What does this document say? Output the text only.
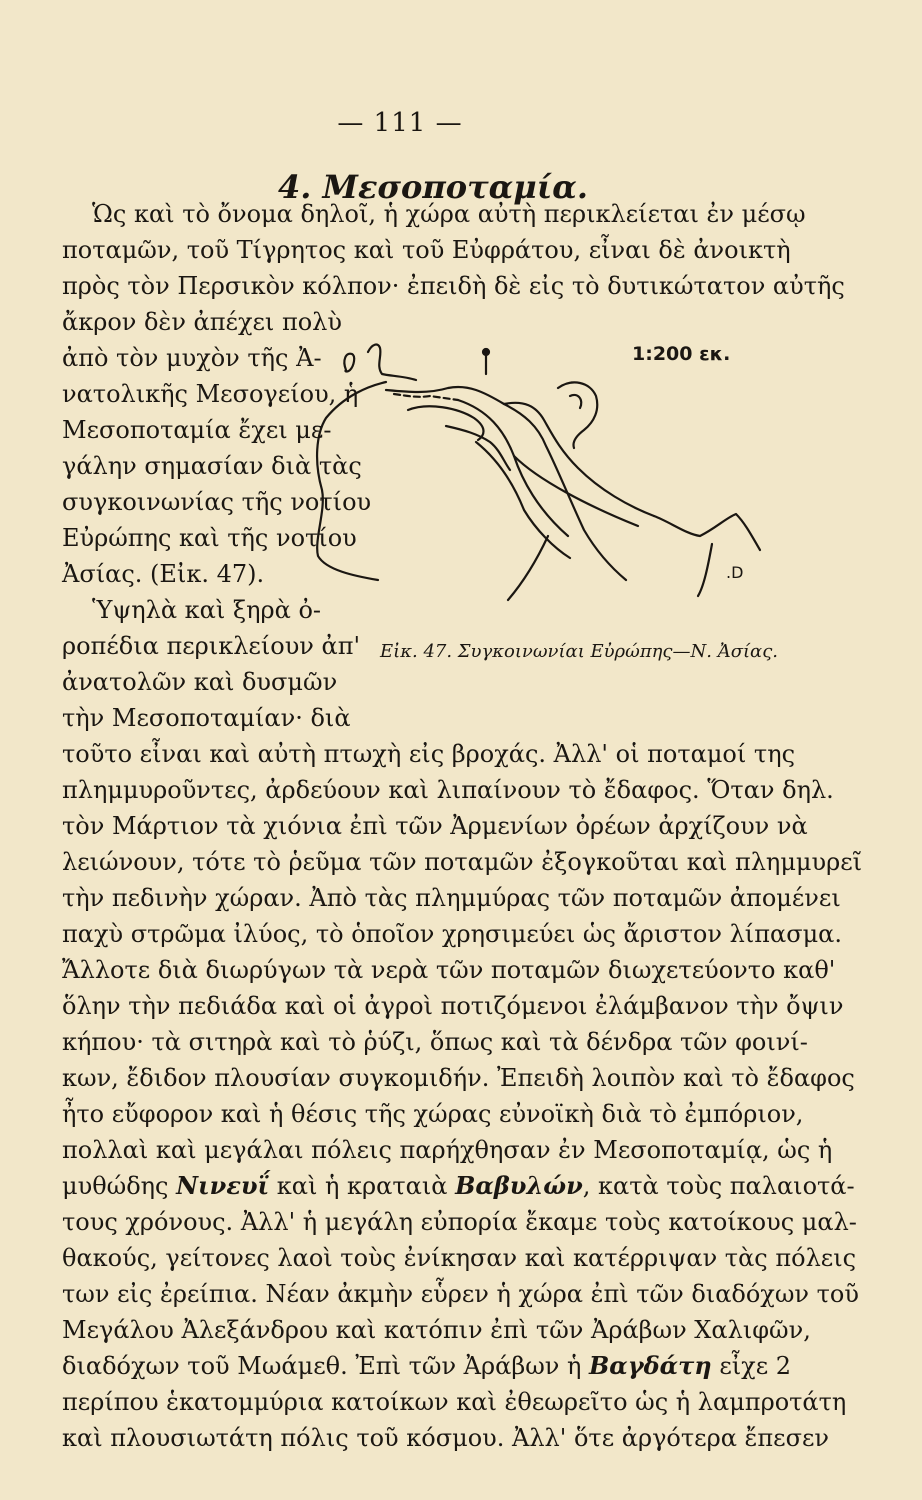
— 111 —
4. Μεσοποταμία.
Ὡς καὶ τὸ ὄνομα δηλοῖ, ἡ χώρα αὐτὴ περικλείεται ἐν μέσῳ
ποταμῶν, τοῦ Τίγρητος καὶ τοῦ Εὐφράτου, εἶναι δὲ ἀνοικτὴ
πρὸς τὸν Περσικὸν κόλπον· ἐπειδὴ δὲ εἰς τὸ δυτικώτατον αὐτῆς
ἄκρον δὲν ἀπέχει πολὺ
ἀπὸ τὸν μυχὸν τῆς Ἀ-
νατολικῆς Μεσογείου, ἡ
Μεσοποταμία ἔχει με-
γάλην σημασίαν διὰ τὰς
συγκοινωνίας τῆς νοτίου
Εὐρώπης καὶ τῆς νοτίου
Ἀσίας. (Εἰκ. 47).	.D
1:200 εκ.
Εἰκ. 47. Συγκοινωνίαι Εὐρώπης—Ν. Ἀσίας.
Ὑψηλὰ καὶ ξηρὰ ὀ-
ροπέδια περικλείουν ἀπ'
ἀνατολῶν καὶ δυσμῶν
τὴν Μεσοποταμίαν· διὰ
τοῦτο εἶναι καὶ αὐτὴ πτωχὴ εἰς βροχάς. Ἀλλ' οἱ ποταμοί της
πλημμυροῦντες, ἀρδεύουν καὶ λιπαίνουν τὸ ἔδαφος. Ὅταν δηλ.
τὸν Μάρτιον τὰ χιόνια ἐπὶ τῶν Ἀρμενίων ὀρέων ἀρχίζουν νὰ
λειώνουν, τότε τὸ ῥεῦμα τῶν ποταμῶν ἐξογκοῦται καὶ πλημμυρεῖ
τὴν πεδινὴν χώραν. Ἀπὸ τὰς πλημμύρας τῶν ποταμῶν ἀπομένει
παχὺ στρῶμα ἰλύος, τὸ ὁποῖον χρησιμεύει ὡς ἄριστον λίπασμα.
Ἄλλοτε διὰ διωρύγων τὰ νερὰ τῶν ποταμῶν διωχετεύοντο καθ'
ὅλην τὴν πεδιάδα καὶ οἱ ἀγροὶ ποτιζόμενοι ἐλάμβανον τὴν ὄψιν
κήπου· τὰ σιτηρὰ καὶ τὸ ῥύζι, ὅπως καὶ τὰ δένδρα τῶν φοινί-
κων, ἔδιδον πλουσίαν συγκομιδήν. Ἐπειδὴ λοιπὸν καὶ τὸ ἔδαφος
ἦτο εὔφορον καὶ ἡ θέσις τῆς χώρας εὐνοϊκὴ διὰ τὸ ἐμπόριον,
πολλαὶ καὶ μεγάλαι πόλεις παρήχθησαν ἐν Μεσοποταμίᾳ, ὡς ἡ
μυθώδης Νινευΐ καὶ ἡ κραταιὰ Βαβυλών, κατὰ τοὺς παλαιοτά-
τους χρόνους. Ἀλλ' ἡ μεγάλη εὐπορία ἔκαμε τοὺς κατοίκους μαλ-
θακούς, γείτονες λαοὶ τοὺς ἐνίκησαν καὶ κατέρριψαν τὰς πόλεις
των εἰς ἐρείπια. Νέαν ἀκμὴν εὗρεν ἡ χώρα ἐπὶ τῶν διαδόχων τοῦ
Μεγάλου Ἀλεξάνδρου καὶ κατόπιν ἐπὶ τῶν Ἀράβων Χαλιφῶν,
διαδόχων τοῦ Μωάμεθ. Ἐπὶ τῶν Ἀράβων ἡ Βαγδάτη εἶχε 2
περίπου ἑκατομμύρια κατοίκων καὶ ἐθεωρεῖτο ὡς ἡ λαμπροτάτη
καὶ πλουσιωτάτη πόλις τοῦ κόσμου. Ἀλλ' ὅτε ἀργότερα ἔπεσεν
